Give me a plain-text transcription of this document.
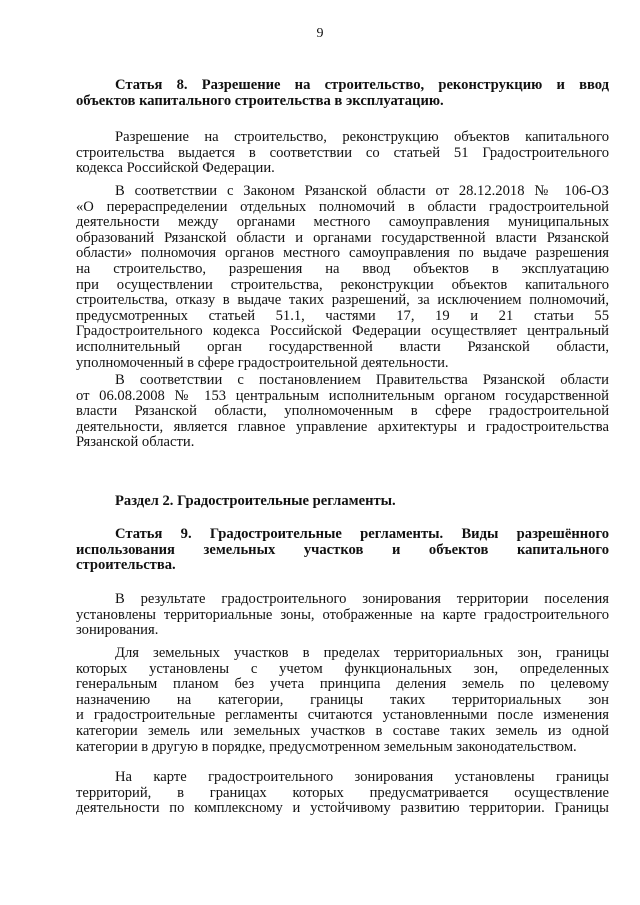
9
Статья 8. Разрешение на строительство, реконструкцию и ввод
объектов капитального строительства в эксплуатацию.
Разрешение на строительство, реконструкцию объектов капитального
строительства выдается в соответствии со статьей 51 Градостроительного
кодекса Российской Федерации.
В соответствии с Законом Рязанской области от 28.12.2018 № 106-ОЗ
«О перераспределении отдельных полномочий в области градостроительной
деятельности между органами местного самоуправления муниципальных
образований Рязанской области и органами государственной власти Рязанской
области» полномочия органов местного самоуправления по выдаче разрешения
на строительство, разрешения на ввод объектов в эксплуатацию
при осуществлении строительства, реконструкции объектов капитального
строительства, отказу в выдаче таких разрешений, за исключением полномочий,
предусмотренных статьей 51.1, частями 17, 19 и 21 статьи 55
Градостроительного кодекса Российской Федерации осуществляет центральный
исполнительный орган государственной власти Рязанской области,
уполномоченный в сфере градостроительной деятельности.
В соответствии с постановлением Правительства Рязанской области
от 06.08.2008 № 153 центральным исполнительным органом государственной
власти Рязанской области, уполномоченным в сфере градостроительной
деятельности, является главное управление архитектуры и градостроительства
Рязанской области.
Раздел 2. Градостроительные регламенты.
Статья 9. Градостроительные регламенты. Виды разрешённого
использования земельных участков и объектов капитального
строительства.
В результате градостроительного зонирования территории поселения
установлены территориальные зоны, отображенные на карте градостроительного
зонирования.
Для земельных участков в пределах территориальных зон, границы
которых установлены с учетом функциональных зон, определенных
генеральным планом без учета принципа деления земель по целевому
назначению на категории, границы таких территориальных зон
и градостроительные регламенты считаются установленными после изменения
категории земель или земельных участков в составе таких земель из одной
категории в другую в порядке, предусмотренном земельным законодательством.
На карте градостроительного зонирования установлены границы
территорий, в границах которых предусматривается осуществление
деятельности по комплексному и устойчивому развитию территории. Границы
